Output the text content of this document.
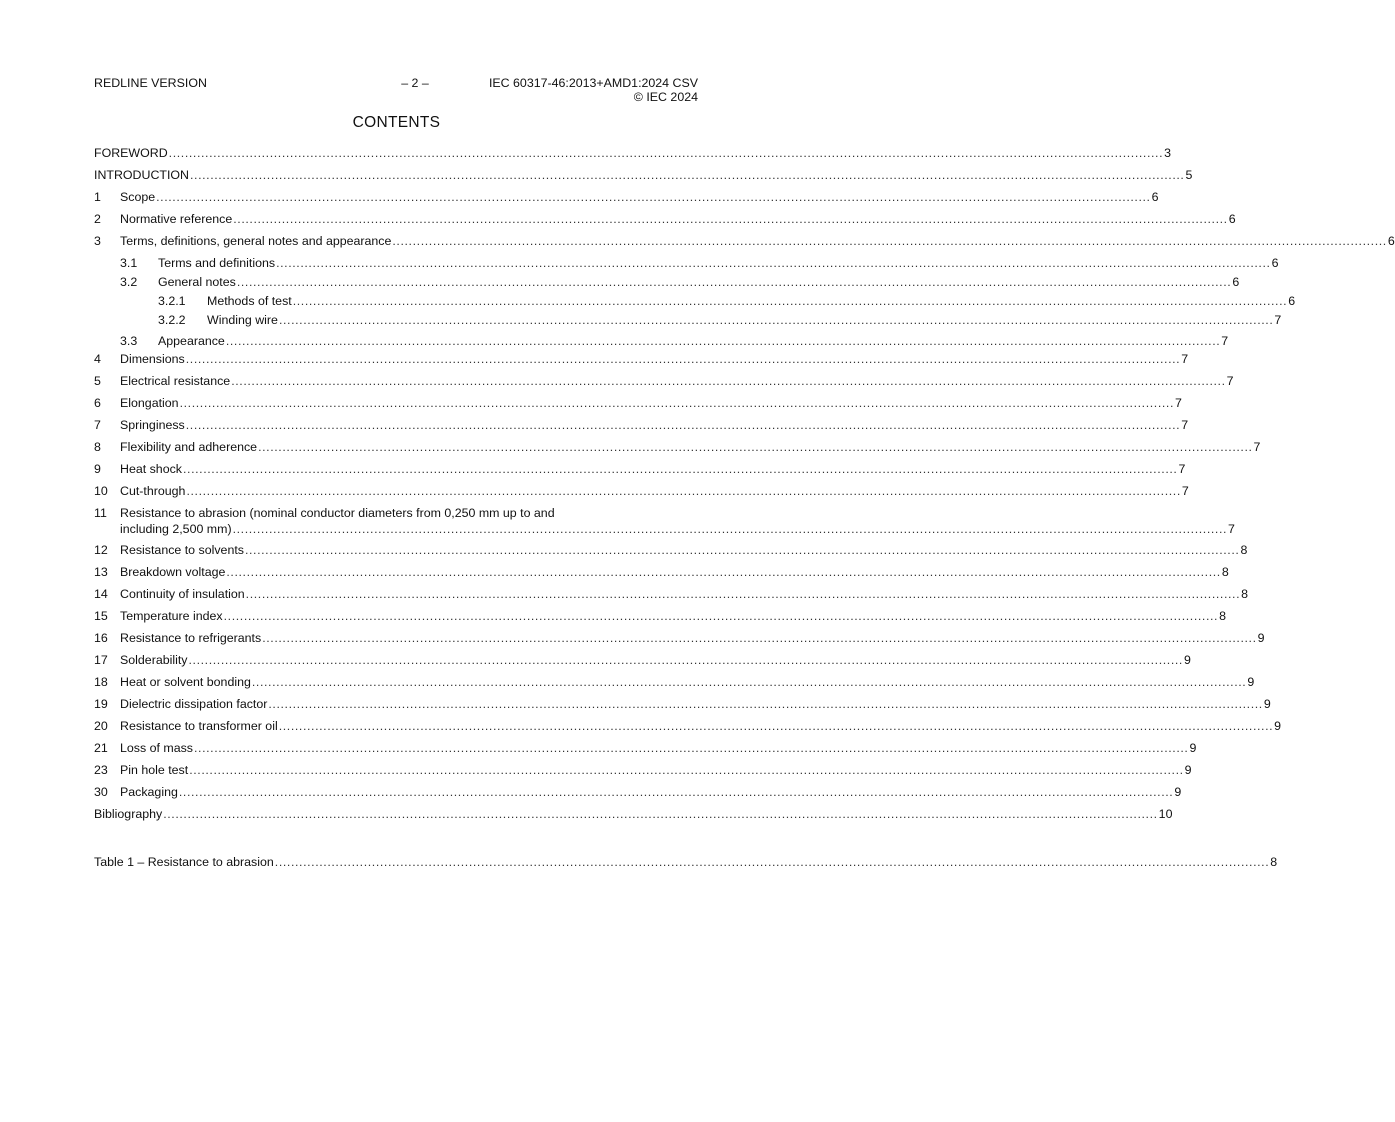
REDLINE VERSION	– 2 –	IEC 60317-46:2013+AMD1:2024 CSV
© IEC 2024
CONTENTS
FOREWORD .....	3
INTRODUCTION .....	5
1 Scope .....	6
2 Normative reference .....	6
3 Terms, definitions, general notes and appearance .....	6
3.1 Terms and definitions .....	6
3.2 General notes .....	6
3.2.1 Methods of test .....	6
3.2.2 Winding wire .....	7
3.3 Appearance .....	7
4 Dimensions .....	7
5 Electrical resistance .....	7
6 Elongation .....	7
7 Springiness .....	7
8 Flexibility and adherence .....	7
9 Heat shock .....	7
10 Cut-through .....	7
11 Resistance to abrasion (nominal conductor diameters from 0,250 mm up to and
including 2,500 mm) .....	7
12 Resistance to solvents .....	8
13 Breakdown voltage .....	8
14 Continuity of insulation .....	8
15 Temperature index .....	8
16 Resistance to refrigerants .....	9
17 Solderability .....	9
18 Heat or solvent bonding .....	9
19 Dielectric dissipation factor .....	9
20 Resistance to transformer oil .....	9
21 Loss of mass .....	9
23 Pin hole test .....	9
30 Packaging .....	9
Bibliography .....	10
Table 1 – Resistance to abrasion .....	8
